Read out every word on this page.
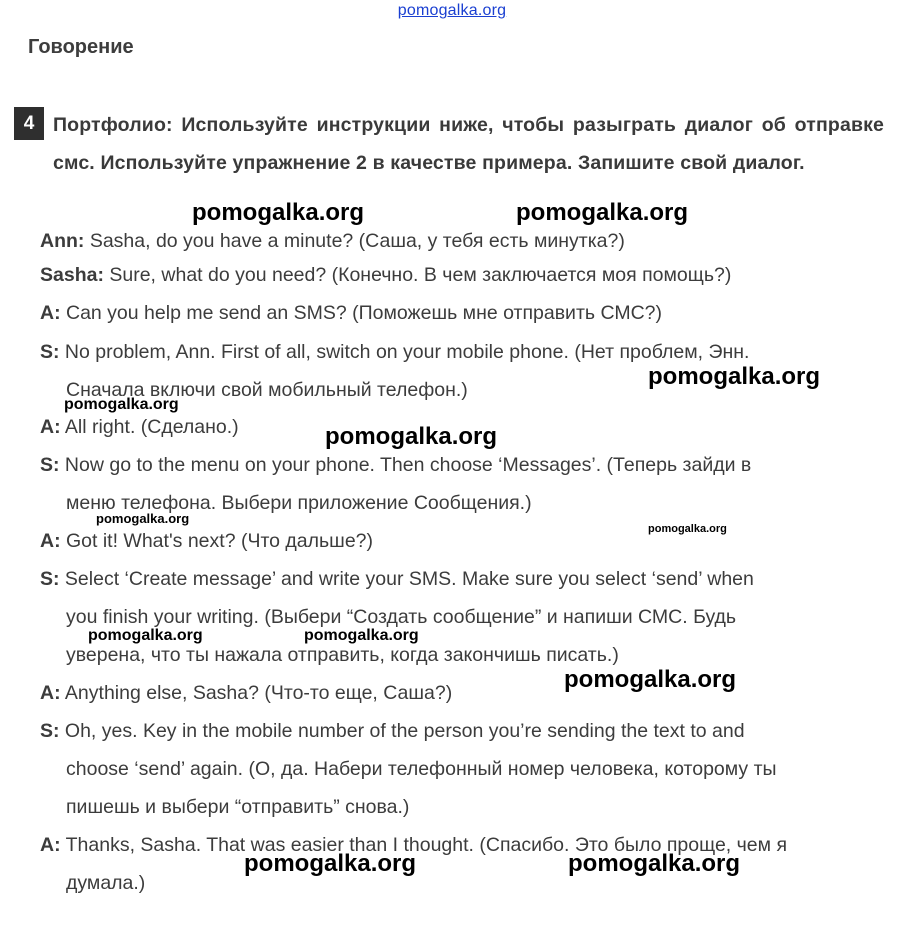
pomogalka.org
Говорение
4 Портфолио: Используйте инструкции ниже, чтобы разыграть диалог об отправке смс. Используйте упражнение 2 в качестве примера. Запишите свой диалог.
Ann: Sasha, do you have a minute? (Саша, у тебя есть минутка?)
Sasha: Sure, what do you need? (Конечно. В чем заключается моя помощь?)
A: Can you help me send an SMS? (Поможешь мне отправить СМС?)
S: No problem, Ann. First of all, switch on your mobile phone. (Нет проблем, Энн.
Сначала включи свой мобильный телефон.)
A: All right. (Сделано.)
S: Now go to the menu on your phone. Then choose ‘Messages’. (Теперь зайди в
меню телефона. Выбери приложение Сообщения.)
A: Got it! What's next? (Что дальше?)
S: Select ‘Create message’ and write your SMS. Make sure you select ‘send’ when
you finish your writing. (Выбери “Создать сообщение” и напиши СМС. Будь
уверена, что ты нажала отправить, когда закончишь писать.)
A: Anything else, Sasha? (Что-то еще, Саша?)
S: Oh, yes. Key in the mobile number of the person you’re sending the text to and
choose ‘send’ again. (О, да. Набери телефонный номер человека, которому ты
пишешь и выбери “отправить” снова.)
A: Thanks, Sasha. That was easier than I thought. (Спасибо. Это было проще, чем я
думала.)
pomogalka.org	pomogalka.org
pomogalka.org
pomogalka.org
pomogalka.org
pomogalka.org
pomogalka.org
pomogalka.org	pomogalka.org
pomogalka.org
pomogalka.org	pomogalka.org
